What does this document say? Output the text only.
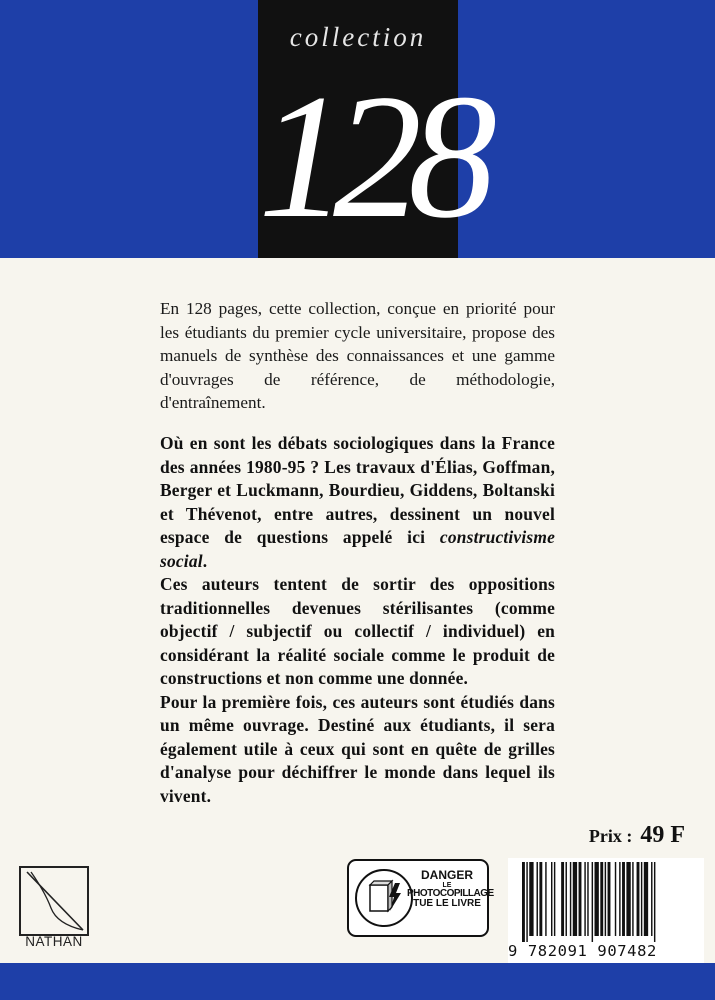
collection
128

En 128 pages, cette collection, conçue en priorité pour les étudiants du premier cycle universitaire, propose des manuels de synthèse des connaissances et une gamme d'ouvrages de référence, de méthodologie, d'entraînement.

Où en sont les débats sociologiques dans la France des années 1980-95 ? Les travaux d'Élias, Goffman, Berger et Luckmann, Bourdieu, Giddens, Boltanski et Thévenot, entre autres, dessinent un nouvel espace de questions appelé ici constructivisme social.

Ces auteurs tentent de sortir des oppositions traditionnelles devenues stérilisantes (comme objectif / subjectif ou collectif / individuel) en considérant la réalité sociale comme le produit de constructions et non comme une donnée.

Pour la première fois, ces auteurs sont étudiés dans un même ouvrage. Destiné aux étudiants, il sera également utile à ceux qui sont en quête de grilles d'analyse pour déchiffrer le monde dans lequel ils vivent.

Prix : 49 F
NATHAN
DANGER
LE
PHOTOCOPILLAGE
TUE LE LIVRE
9 782091 907482
